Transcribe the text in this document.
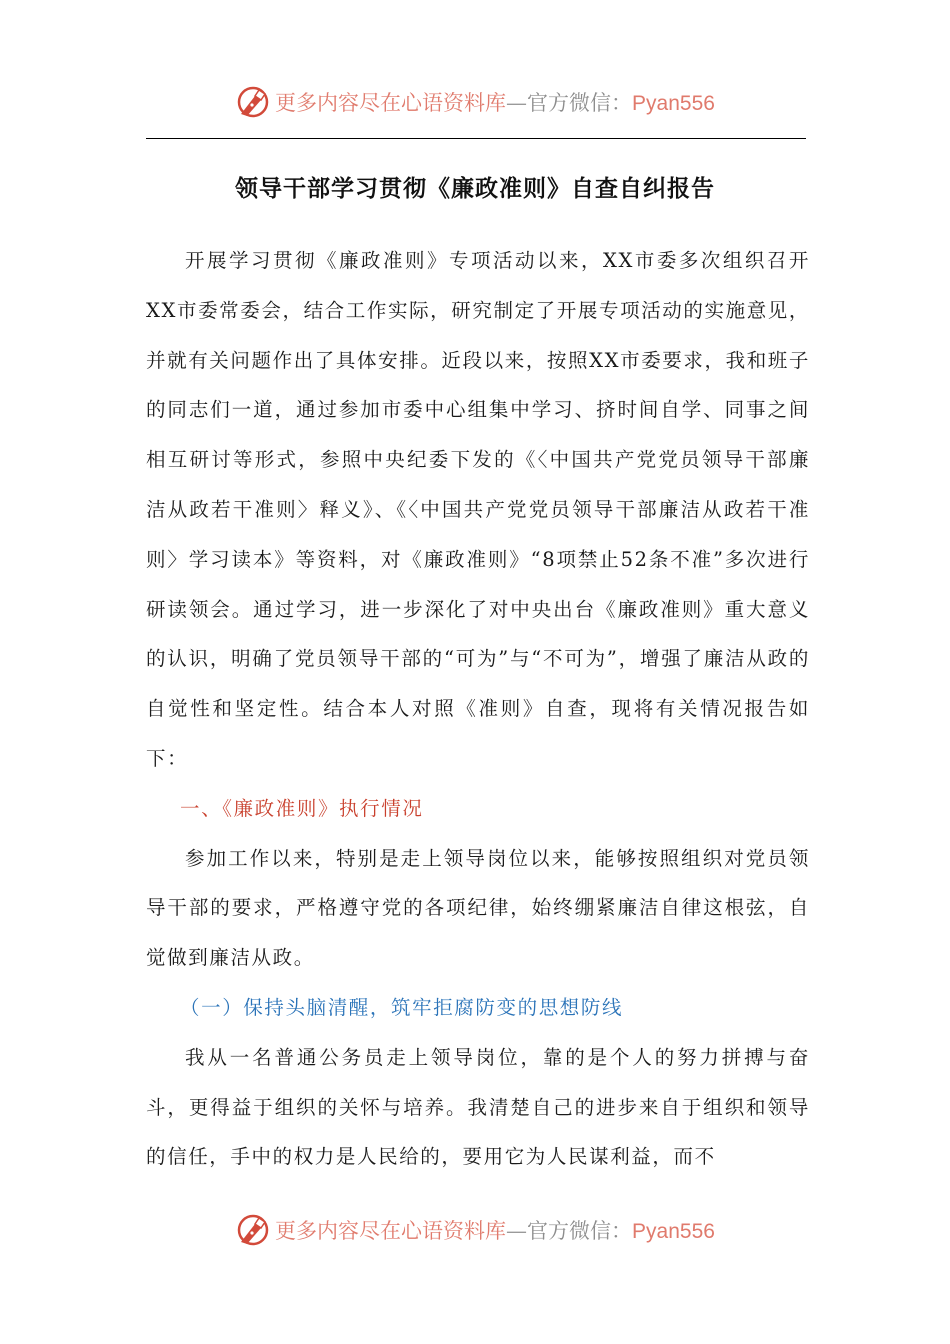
更多内容尽在心语资料库—官方微信：Pyan556
领导干部学习贯彻《廉政准则》自查自纠报告

开展学习贯彻《廉政准则》专项活动以来，XX市委多次组织召开XX市委常委会，结合工作实际，研究制定了开展专项活动的实施意见，并就有关问题作出了具体安排。近段以来，按照XX市委要求，我和班子的同志们一道，通过参加市委中心组集中学习、挤时间自学、同事之间相互研讨等形式，参照中央纪委下发的《〈中国共产党党员领导干部廉洁从政若干准则〉释义》、《〈中国共产党党员领导干部廉洁从政若干准则〉学习读本》等资料，对《廉政准则》“8项禁止52条不准”多次进行研读领会。通过学习，进一步深化了对中央出台《廉政准则》重大意义的认识，明确了党员领导干部的“可为”与“不可为”，增强了廉洁从政的自觉性和坚定性。结合本人对照《准则》自查，现将有关情况报告如下：

一、《廉政准则》执行情况

参加工作以来，特别是走上领导岗位以来，能够按照组织对党员领导干部的要求，严格遵守党的各项纪律，始终绷紧廉洁自律这根弦，自觉做到廉洁从政。

（一）保持头脑清醒，筑牢拒腐防变的思想防线

我从一名普通公务员走上领导岗位，靠的是个人的努力拼搏与奋斗，更得益于组织的关怀与培养。我清楚自己的进步来自于组织和领导的信任，手中的权力是人民给的，要用它为人民谋利益，而不

更多内容尽在心语资料库—官方微信：Pyan556
